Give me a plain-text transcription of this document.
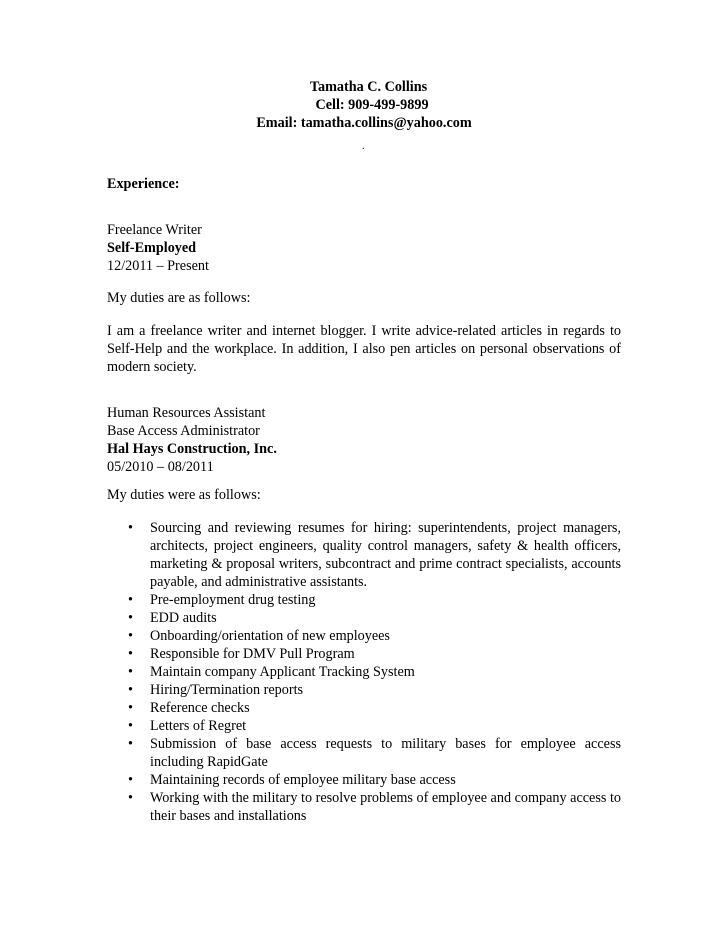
Tamatha C. Collins
Cell: 909-499-9899
Email: tamatha.collins@yahoo.com
.
Experience:
Freelance Writer
Self-Employed
12/2011 – Present
My duties are as follows:
I am a freelance writer and internet blogger. I write advice-related articles in regards to Self-Help and the workplace. In addition, I also pen articles on personal observations of modern society.
Human Resources Assistant
Base Access Administrator
Hal Hays Construction, Inc.
05/2010 – 08/2011
My duties were as follows:
• Sourcing and reviewing resumes for hiring: superintendents, project managers, architects, project engineers, quality control managers, safety & health officers, marketing & proposal writers, subcontract and prime contract specialists, accounts payable, and administrative assistants.
• Pre-employment drug testing
• EDD audits
• Onboarding/orientation of new employees
• Responsible for DMV Pull Program
• Maintain company Applicant Tracking System
• Hiring/Termination reports
• Reference checks
• Letters of Regret
• Submission of base access requests to military bases for employee access including RapidGate
• Maintaining records of employee military base access
• Working with the military to resolve problems of employee and company access to their bases and installations
